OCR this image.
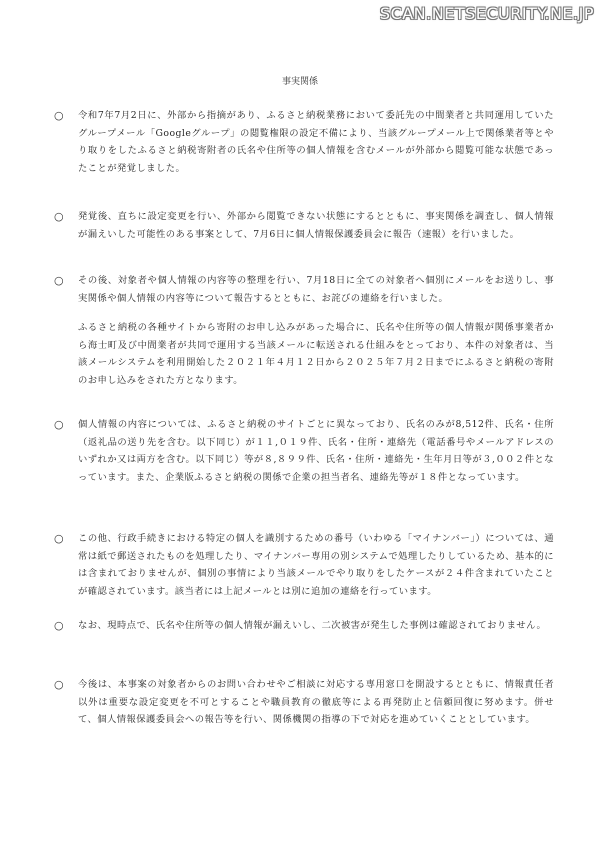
SCAN.NETSECURITY.NE.JP
事実関係
○	令和7年7月2日に、外部から指摘があり、ふるさと納税業務において委託先の中間業者と共同運用していたグループメール「Googleグループ」の閲覧権限の設定不備により、当該グループメール上で関係業者等とやり取りをしたふるさと納税寄附者の氏名や住所等の個人情報を含むメールが外部から閲覧可能な状態であったことが発覚しました。

○	発覚後、直ちに設定変更を行い、外部から閲覧できない状態にするとともに、事実関係を調査し、個人情報が漏えいした可能性のある事案として、7月6日に個人情報保護委員会に報告（速報）を行いました。

○	その後、対象者や個人情報の内容等の整理を行い、7月18日に全ての対象者へ個別にメールをお送りし、事実関係や個人情報の内容等について報告するとともに、お詫びの連絡を行いました。

ふるさと納税の各種サイトから寄附のお申し込みがあった場合に、氏名や住所等の個人情報が関係事業者から海士町及び中間業者が共同で運用する当該メールに転送される仕組みをとっており、本件の対象者は、当該メールシステムを利用開始した２０２１年４月１２日から２０２５年７月２日までにふるさと納税の寄附のお申し込みをされた方となります。

○	個人情報の内容については、ふるさと納税のサイトごとに異なっており、氏名のみが8,512件、氏名・住所（返礼品の送り先を含む。以下同じ）が１１,０１９件、氏名・住所・連絡先（電話番号やメールアドレスのいずれか又は両方を含む。以下同じ）等が８,８９９件、氏名・住所・連絡先・生年月日等が３,００２件となっています。また、企業版ふるさと納税の関係で企業の担当者名、連絡先等が１８件となっています。

○	この他、行政手続きにおける特定の個人を識別するための番号（いわゆる「マイナンバー」）については、通常は紙で郵送されたものを処理したり、マイナンバー専用の別システムで処理したりしているため、基本的には含まれておりませんが、個別の事情により当該メールでやり取りをしたケースが２４件含まれていたことが確認されています。該当者には上記メールとは別に追加の連絡を行っています。

○	なお、現時点で、氏名や住所等の個人情報が漏えいし、二次被害が発生した事例は確認されておりません。

○	今後は、本事案の対象者からのお問い合わせやご相談に対応する専用窓口を開設するとともに、情報責任者以外は重要な設定変更を不可とすることや職員教育の徹底等による再発防止と信頼回復に努めます。併せて、個人情報保護委員会への報告等を行い、関係機関の指導の下で対応を進めていくこととしています。
